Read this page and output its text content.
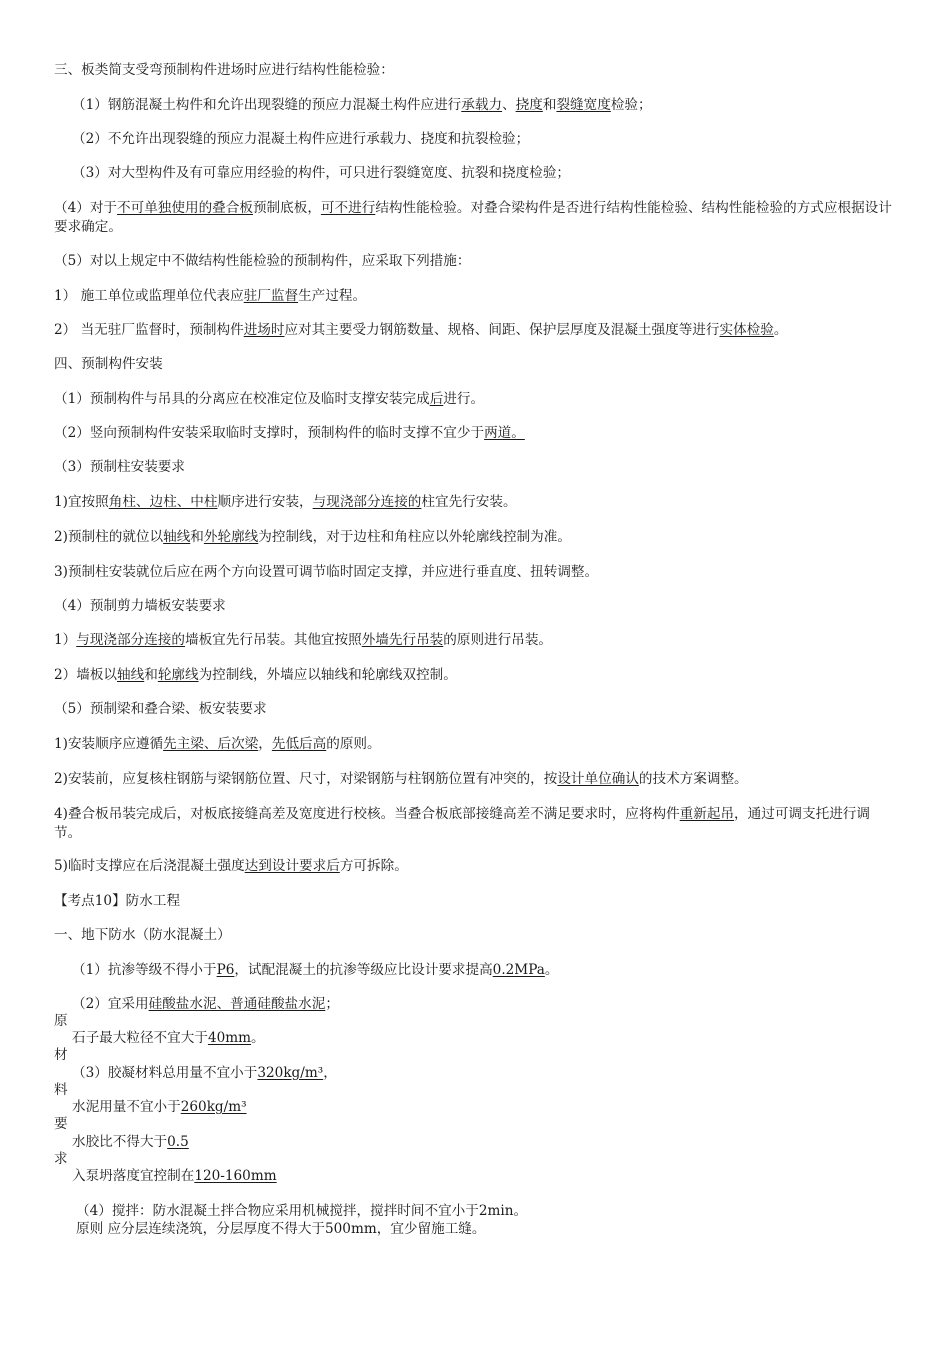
三、板类简支受弯预制构件进场时应进行结构性能检验：
（1）钢筋混凝土构件和允许出现裂缝的预应力混凝土构件应进行承载力、挠度和裂缝宽度检验；
（2）不允许出现裂缝的预应力混凝土构件应进行承载力、挠度和抗裂检验；
（3）对大型构件及有可靠应用经验的构件，可只进行裂缝宽度、抗裂和挠度检验；
（4）对于不可单独使用的叠合板预制底板，可不进行结构性能检验。对叠合梁构件是否进行结构性能检验、结构性能检验的方式应根据设计要求确定。
（5）对以上规定中不做结构性能检验的预制构件，应采取下列措施：
1） 施工单位或监理单位代表应驻厂监督生产过程。
2） 当无驻厂监督时，预制构件进场时应对其主要受力钢筋数量、规格、间距、保护层厚度及混凝土强度等进行实体检验。
四、预制构件安装
（1）预制构件与吊具的分离应在校准定位及临时支撑安装完成后进行。
（2）竖向预制构件安装采取临时支撑时，预制构件的临时支撑不宜少于两道。
（3）预制柱安装要求
1)宜按照角柱、边柱、中柱顺序进行安装，与现浇部分连接的柱宜先行安装。
2)预制柱的就位以轴线和外轮廓线为控制线，对于边柱和角柱应以外轮廓线控制为准。
3)预制柱安装就位后应在两个方向设置可调节临时固定支撑，并应进行垂直度、扭转调整。
（4）预制剪力墙板安装要求
1）与现浇部分连接的墙板宜先行吊装。其他宜按照外墙先行吊装的原则进行吊装。
2）墙板以轴线和轮廓线为控制线，外墙应以轴线和轮廓线双控制。
（5）预制梁和叠合梁、板安装要求
1)安装顺序应遵循先主梁、后次梁，先低后高的原则。
2)安装前，应复核柱钢筋与梁钢筋位置、尺寸，对梁钢筋与柱钢筋位置有冲突的，按设计单位确认的技术方案调整。
4)叠合板吊装完成后，对板底接缝高差及宽度进行校核。当叠合板底部接缝高差不满足要求时，应将构件重新起吊，通过可调支托进行调节。
5)临时支撑应在后浇混凝土强度达到设计要求后方可拆除。
【考点10】防水工程
一、地下防水（防水混凝土）
（1）抗渗等级不得小于P6，试配混凝土的抗渗等级应比设计要求提高0.2MPa。
（2）宜采用硅酸盐水泥、普通硅酸盐水泥；
原
材
料
要
求
石子最大粒径不宜大于40mm。
（3）胶凝材料总用量不宜小于320kg/m³，
水泥用量不宜小于260kg/m³
水胶比不得大于0.5
入泵坍落度宜控制在120-160mm
（4）搅拌：防水混凝土拌合物应采用机械搅拌，搅拌时间不宜小于2min。
原则 应分层连续浇筑，分层厚度不得大于500mm，宜少留施工缝。
